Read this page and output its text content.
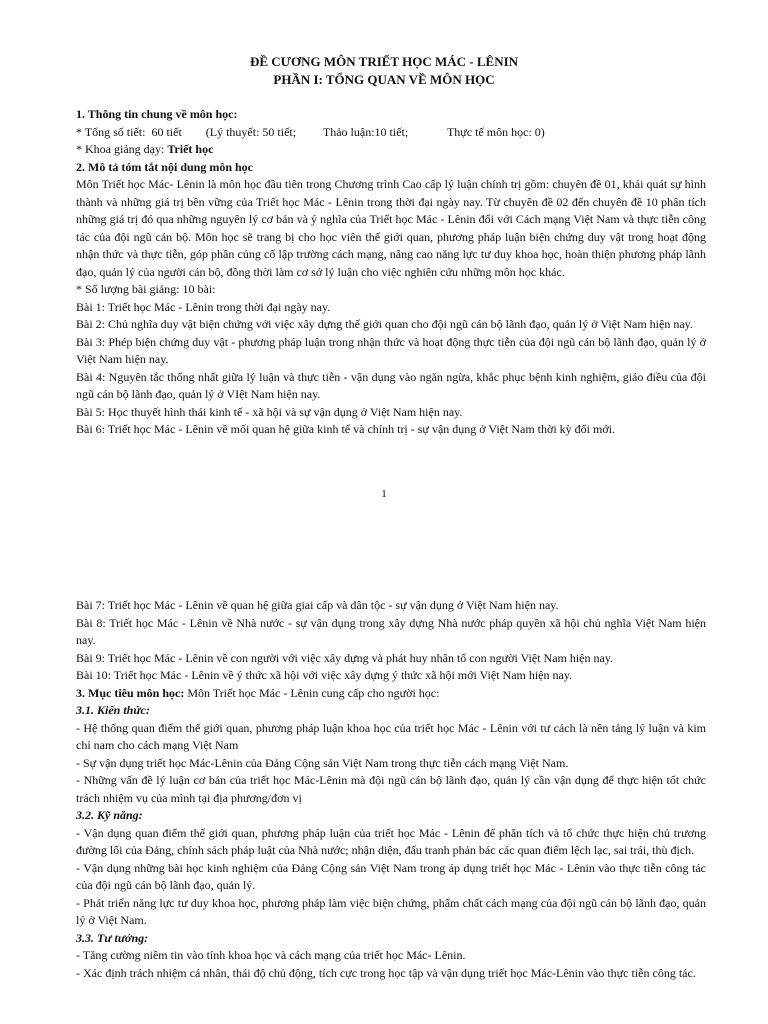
ĐỀ CƯƠNG MÔN TRIẾT HỌC MÁC - LÊNIN
PHẦN I: TỔNG QUAN VỀ MÔN HỌC

1. Thông tin chung về môn học:

* Tổng số tiết:  60 tiết        (Lý thuyết: 50 tiết;         Thảo luận:10 tiết;             Thực tế môn học: 0)

* Khoa giảng dạy: Triết học

2. Mô tả tóm tắt nội dung môn học

Môn Triết học Mác- Lênin là môn học đầu tiên trong Chương trình Cao cấp lý luận chính trị gồm: chuyên đề 01, khái quát sự hình thành và những giá trị bền vững của Triết học Mác - Lênin trong thời đại ngày nay. Từ chuyên đề 02 đến chuyên đề 10 phân tích những giá trị đó qua những nguyên lý cơ bản và ý nghĩa của Triết học Mác - Lênin đối với Cách mạng Việt Nam và thực tiễn công tác của đội ngũ cán bộ. Môn học sẽ trang bị cho học viên thế giới quan, phương pháp luận biện chứng duy vật trong hoạt động nhận thức và thực tiễn, góp phần củng cố lập trường cách mạng, nâng cao năng lực tư duy khoa học, hoàn thiện phương pháp lãnh đạo, quản lý của người cán bộ, đồng thời làm cơ sở lý luận cho việc nghiên cứu những môn học khác.

* Số lượng bài giảng: 10 bài:

Bài 1: Triết học Mác - Lênin trong thời đại ngày nay.

Bài 2: Chủ nghĩa duy vật biện chứng với việc xây dựng thế giới quan cho đội ngũ cán bộ lãnh đạo, quản lý ở Việt Nam hiện nay.

Bài 3: Phép biện chứng duy vật - phương pháp luận trong nhận thức và hoạt động thực tiễn của đội ngũ cán bộ lãnh đạo, quản lý ở Việt Nam hiện nay.

Bài 4: Nguyên tắc thống nhất giữa lý luận và thực tiễn - vận dụng vào ngăn ngừa, khắc phục bệnh kinh nghiệm, giáo điều của đội ngũ cán bộ lãnh đạo, quản lý ở VIệt Nam hiện nay.

Bài 5: Học thuyết hình thái kinh tế - xã hội và sự vận dụng ở Việt Nam hiện nay.

Bài 6: Triết học Mác - Lênin về mối quan hệ giữa kinh tế và chính trị - sự vận dụng ở Việt Nam thời kỳ đổi mới.

1

Bài 7: Triết học Mác - Lênin về quan hệ giữa giai cấp và dân tộc - sự vận dụng ở Việt Nam hiện nay.

Bài 8: Triết học Mác - Lênin về Nhà nước - sự vận dụng trong xây dựng Nhà nước pháp quyền xã hội chủ nghĩa Việt Nam hiện nay.

Bài 9: Triết học Mác - Lênin về con người với việc xây dựng và phát huy nhân tố con người Việt Nam hiện nay.

Bài 10: Triết học Mác - Lênin về ý thức xã hội với việc xây dựng ý thức xã hội mới Việt Nam hiện nay.

3. Mục tiêu môn học: Môn Triết học Mác - Lênin cung cấp cho người học:

3.1. Kiến thức:

- Hệ thống quan điểm thế giới quan, phương pháp luận khoa học của triết học Mác - Lênin với tư cách là nền tảng lý luận và kim chỉ nam cho cách mạng Việt Nam

- Sự vận dụng triết học Mác-Lênin của Đảng Cộng sản Việt Nam trong thực tiễn cách mạng Việt Nam.

- Những vấn đề lý luận cơ bản của triết học Mác-Lênin mà đội ngũ cán bộ lãnh đạo, quản lý cần vận dụng để thực hiện tốt chức trách nhiệm vụ của mình tại địa phương/đơn vị

3.2. Kỹ năng:

- Vận dụng quan điểm thế giới quan, phương pháp luận của triết học Mác - Lênin để phân tích và tổ chức thực hiện chủ trương đường lối của Đảng, chính sách pháp luật của Nhà nước; nhận diện, đấu tranh phản bác các quan điểm lệch lạc, sai trái, thù địch.

- Vận dụng những bài học kinh nghiệm của Đảng Cộng sản Việt Nam trong áp dụng triết học Mác - Lênin vào thực tiễn công tác của đội ngũ cán bộ lãnh đạo, quản lý.

- Phát triển năng lực tư duy khoa học, phương pháp làm việc biện chứng, phẩm chất cách mạng của đội ngũ cán bộ lãnh đạo, quản lý ở Việt Nam.

3.3. Tư tưởng:

- Tăng cường niềm tin vào tính khoa học và cách mạng của triết học Mác- Lênin.

- Xác định trách nhiệm cá nhân, thái độ chủ động, tích cực trong học tập và vận dụng triết học Mác-Lênin vào thực tiễn công tác.
